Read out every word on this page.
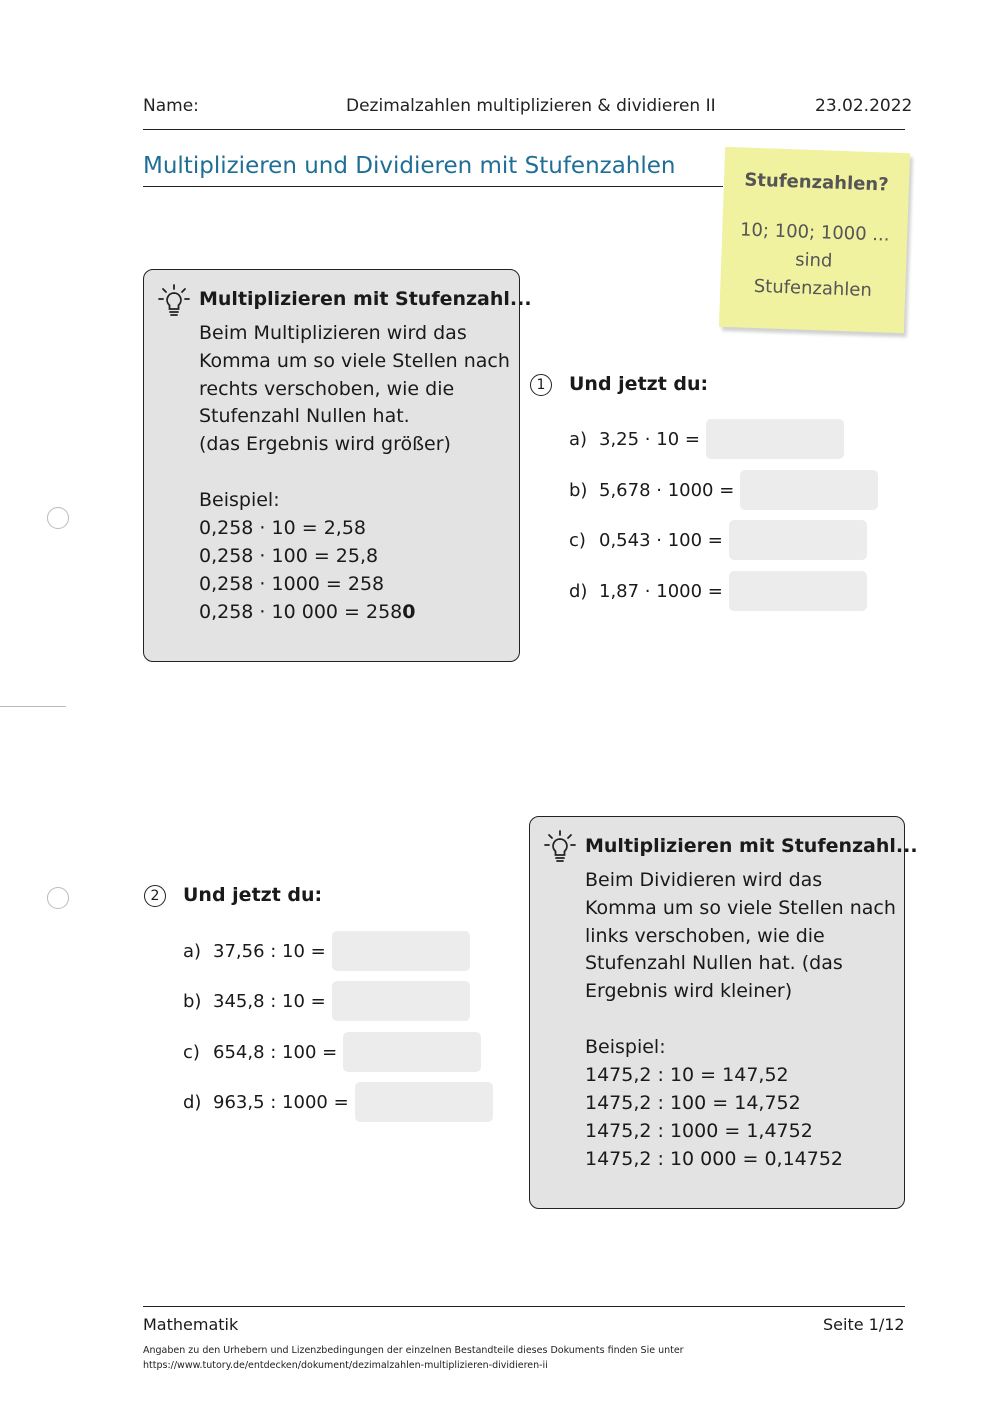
Name:	Dezimalzahlen multiplizieren & dividieren II	23.02.2022
Multiplizieren und Dividieren mit Stufenzahlen
Stufenzahlen?
10; 100; 1000 ...
sind
Stufenzahlen
Multiplizieren mit Stufenzahl...
Beim Multiplizieren wird das
Komma um so viele Stellen nach
rechts verschoben, wie die
Stufenzahl Nullen hat.
(das Ergebnis wird größer)
Beispiel:
0,258 · 10 = 2,58
0,258 · 100 = 25,8
0,258 · 1000 = 258
0,258 · 10 000 = 2580
1	Und jetzt du:
a) 3,25 · 10 =
b) 5,678 · 1000 =
c) 0,543 · 100 =
d) 1,87 · 1000 =
2	Und jetzt du:
a) 37,56 : 10 =
b) 345,8 : 10 =
c) 654,8 : 100 =
d) 963,5 : 1000 =
Multiplizieren mit Stufenzahl...
Beim Dividieren wird das
Komma um so viele Stellen nach
links verschoben, wie die
Stufenzahl Nullen hat. (das
Ergebnis wird kleiner)
Beispiel:
1475,2 : 10 = 147,52
1475,2 : 100 = 14,752
1475,2 : 1000 = 1,4752
1475,2 : 10 000 = 0,14752
Mathematik	Seite 1/12
Angaben zu den Urhebern und Lizenzbedingungen der einzelnen Bestandteile dieses Dokuments finden Sie unter
https://www.tutory.de/entdecken/dokument/dezimalzahlen-multiplizieren-dividieren-ii
